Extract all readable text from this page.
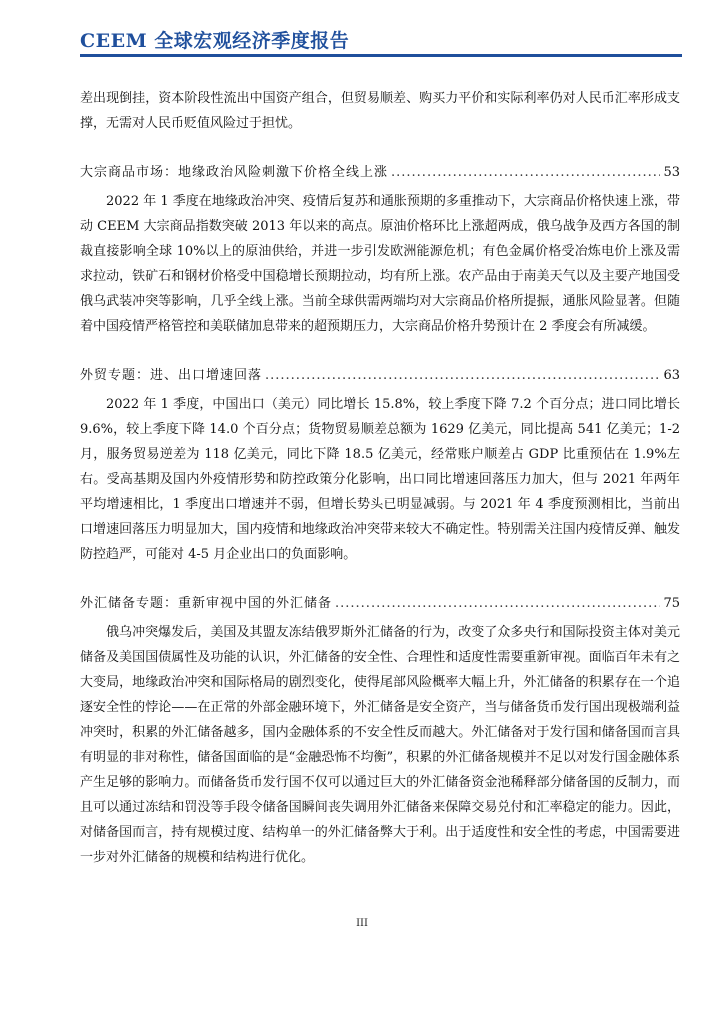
CEEM 全球宏观经济季度报告

差出现倒挂，资本阶段性流出中国资产组合，但贸易顺差、购买力平价和实际利率仍对人民币汇率形成支撑，无需对人民币贬值风险过于担忧。

大宗商品市场：地缘政治风险刺激下价格全线上涨 .....	53

2022 年 1 季度在地缘政治冲突、疫情后复苏和通胀预期的多重推动下，大宗商品价格快速上涨，带动 CEEM 大宗商品指数突破 2013 年以来的高点。原油价格环比上涨超两成，俄乌战争及西方各国的制裁直接影响全球 10%以上的原油供给，并进一步引发欧洲能源危机；有色金属价格受冶炼电价上涨及需求拉动，铁矿石和钢材价格受中国稳增长预期拉动，均有所上涨。农产品由于南美天气以及主要产地国受俄乌武装冲突等影响，几乎全线上涨。当前全球供需两端均对大宗商品价格所提振，通胀风险显著。但随着中国疫情严格管控和美联储加息带来的超预期压力，大宗商品价格升势预计在 2 季度会有所减缓。

外贸专题：进、出口增速回落 .....	63

2022 年 1 季度，中国出口（美元）同比增长 15.8%，较上季度下降 7.2 个百分点；进口同比增长 9.6%，较上季度下降 14.0 个百分点；货物贸易顺差总额为 1629 亿美元，同比提高 541 亿美元；1-2 月，服务贸易逆差为 118 亿美元，同比下降 18.5 亿美元，经常账户顺差占 GDP 比重预估在 1.9%左右。受高基期及国内外疫情形势和防控政策分化影响，出口同比增速回落压力加大，但与 2021 年两年平均增速相比，1 季度出口增速并不弱，但增长势头已明显减弱。与 2021 年 4 季度预测相比，当前出口增速回落压力明显加大，国内疫情和地缘政治冲突带来较大不确定性。特别需关注国内疫情反弹、触发防控趋严，可能对 4-5 月企业出口的负面影响。

外汇储备专题：重新审视中国的外汇储备 .....	75

俄乌冲突爆发后，美国及其盟友冻结俄罗斯外汇储备的行为，改变了众多央行和国际投资主体对美元储备及美国国债属性及功能的认识，外汇储备的安全性、合理性和适度性需要重新审视。面临百年未有之大变局，地缘政治冲突和国际格局的剧烈变化，使得尾部风险概率大幅上升，外汇储备的积累存在一个追逐安全性的悖论——在正常的外部金融环境下，外汇储备是安全资产，当与储备货币发行国出现极端利益冲突时，积累的外汇储备越多，国内金融体系的不安全性反而越大。外汇储备对于发行国和储备国而言具有明显的非对称性，储备国面临的是“金融恐怖不均衡”，积累的外汇储备规模并不足以对发行国金融体系产生足够的影响力。而储备货币发行国不仅可以通过巨大的外汇储备资金池稀释部分储备国的反制力，而且可以通过冻结和罚没等手段令储备国瞬间丧失调用外汇储备来保障交易兑付和汇率稳定的能力。因此，对储备国而言，持有规模过度、结构单一的外汇储备弊大于利。出于适度性和安全性的考虑，中国需要进一步对外汇储备的规模和结构进行优化。

III
